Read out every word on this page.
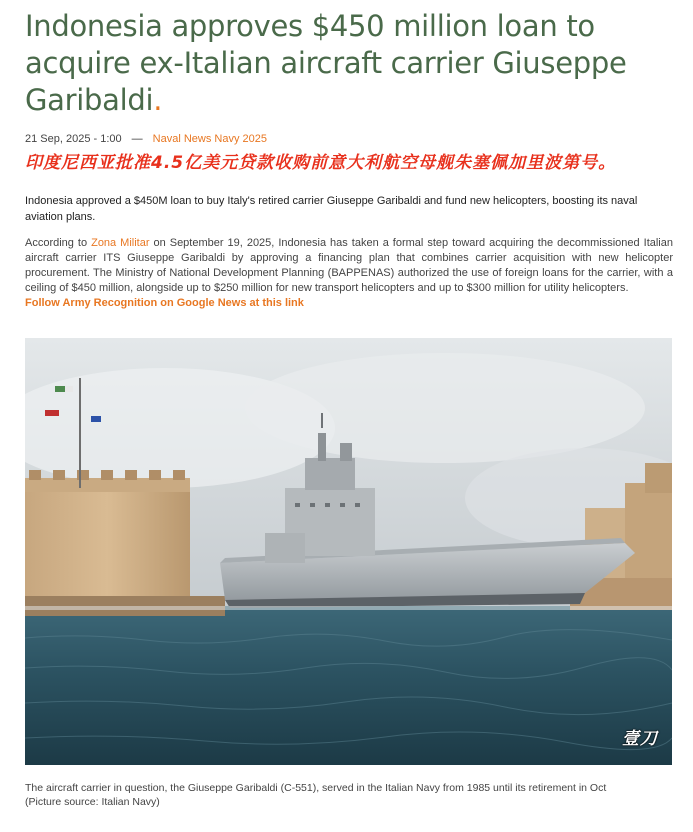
Indonesia approves $450 million loan to acquire ex-Italian aircraft carrier Giuseppe Garibaldi.
21 Sep, 2025 - 1:00 — Naval News Navy 2025
印度尼西亚批准4.5亿美元贷款收购前意大利航空母舰朱塞佩加里波第号。

Indonesia approved a $450M loan to buy Italy's retired carrier Giuseppe Garibaldi and fund new helicopters, boosting its naval aviation plans.

According to Zona Militar on September 19, 2025, Indonesia has taken a formal step toward acquiring the decommissioned Italian aircraft carrier ITS Giuseppe Garibaldi by approving a financing plan that combines carrier acquisition with new helicopter procurement. The Ministry of National Development Planning (BAPPENAS) authorized the use of foreign loans for the carrier, with a ceiling of $450 million, alongside up to $250 million for new transport helicopters and up to $300 million for utility helicopters.
Follow Army Recognition on Google News at this link
壹刀
The aircraft carrier in question, the Giuseppe Garibaldi (C-551), served in the Italian Navy from 1985 until its retirement in Oct
(Picture source: Italian Navy)
